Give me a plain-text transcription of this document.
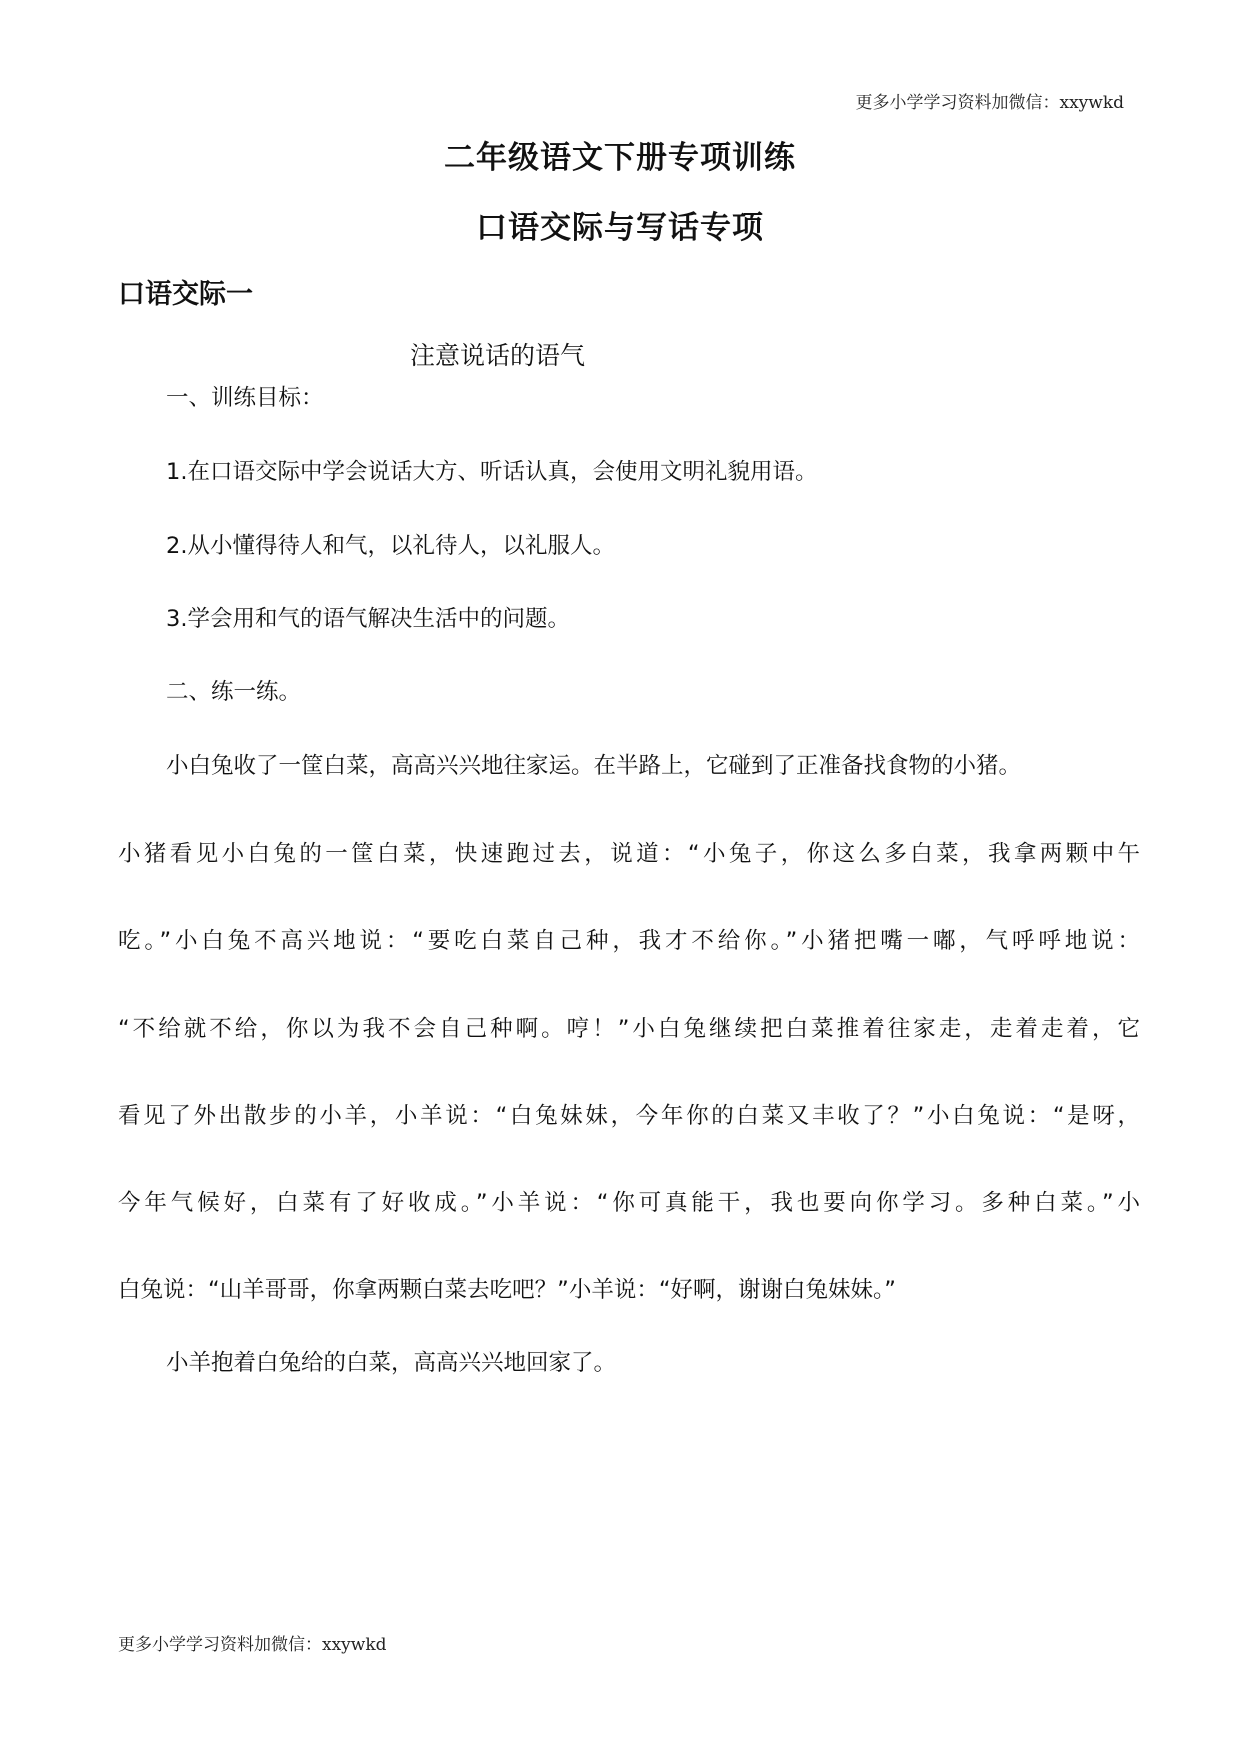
更多小学学习资料加微信：xxywkd
二年级语文下册专项训练
口语交际与写话专项
口语交际一
注意说话的语气
一、训练目标：
1.在口语交际中学会说话大方、听话认真，会使用文明礼貌用语。
2.从小懂得待人和气，以礼待人，以礼服人。
3.学会用和气的语气解决生活中的问题。
二、练一练。
小白兔收了一筐白菜，高高兴兴地往家运。在半路上，它碰到了正准备找食物的小猪。
小猪看见小白兔的一筐白菜，快速跑过去，说道：“小兔子，你这么多白菜，我拿两颗中午
吃。”小白兔不高兴地说：“要吃白菜自己种，我才不给你。”小猪把嘴一嘟，气呼呼地说：
“不给就不给，你以为我不会自己种啊。哼！”小白兔继续把白菜推着往家走，走着走着，它
看见了外出散步的小羊，小羊说：“白兔妹妹，今年你的白菜又丰收了？”小白兔说：“是呀，
今年气候好，白菜有了好收成。”小羊说：“你可真能干，我也要向你学习。多种白菜。”小
白兔说：“山羊哥哥，你拿两颗白菜去吃吧？”小羊说：“好啊，谢谢白兔妹妹。”
小羊抱着白兔给的白菜，高高兴兴地回家了。
更多小学学习资料加微信：xxywkd
